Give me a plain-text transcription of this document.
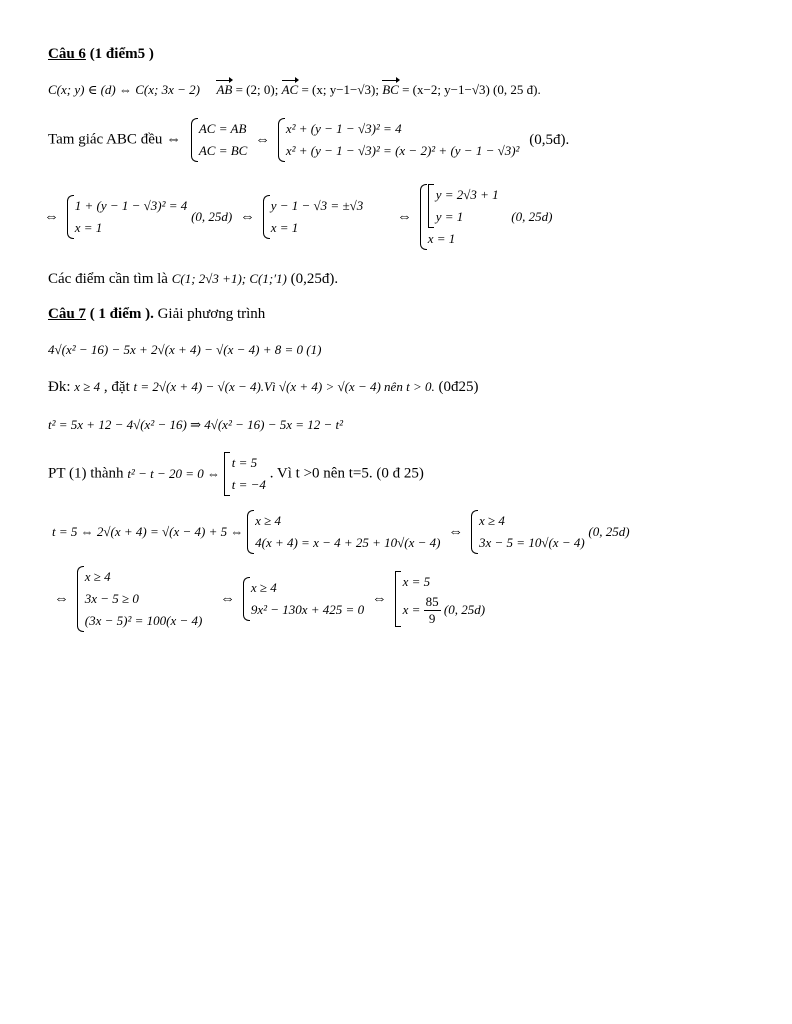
Câu 6 (1 điểm5 )
C(x; y) ∈ (d) ⇔ C(x; 3x − 2) AB = (2; 0); AC = (x; y−1−√3); BC = (x−2; y−1−√3) (0, 25 đ).
Tam giác ABC đều ⇔
AC = AB
AC = BC
⇔
x² + (y − 1 − √3)² = 4
x² + (y − 1 − √3)² = (x − 2)² + (y − 1 − √3)²
(0,5đ).
⇔
1 + (y − 1 − √3)² = 4
x = 1
(0, 25d) ⇔
y − 1 − √3 = ±√3
x = 1
⇔
y = 2√3 + 1
y = 1	(0, 25d)
x = 1
Các điểm cần tìm là C(1; 2√3 +1); C(1;′1) (0,25đ).
Câu 7 ( 1 điểm ). Giải phương trình
4√(x² − 16) − 5x + 2√(x + 4) − √(x − 4) + 8 = 0 (1)
Đk: x ≥ 4 , đặt t = 2√(x + 4) − √(x − 4).Vì √(x + 4) > √(x − 4) nên t > 0. (0đ25)
t² = 5x + 12 − 4√(x² − 16) ⇒ 4√(x² − 16) − 5x = 12 − t²
PT (1) thành t² − t − 20 = 0 ⇔
t = 5
t = −4
. Vì t >0 nên t=5. (0 đ 25)
t = 5 ⇔ 2√(x + 4) = √(x − 4) + 5 ⇔
x ≥ 4
4(x + 4) = x − 4 + 25 + 10√(x − 4)
⇔
x ≥ 4
3x − 5 = 10√(x − 4)
(0, 25d)
⇔
x ≥ 4
3x − 5 ≥ 0
(3x − 5)² = 100(x − 4)
⇔
x ≥ 4
9x² − 130x + 425 = 0
⇔
x = 5
$x = \frac{85}{9} (0$, 25d)
